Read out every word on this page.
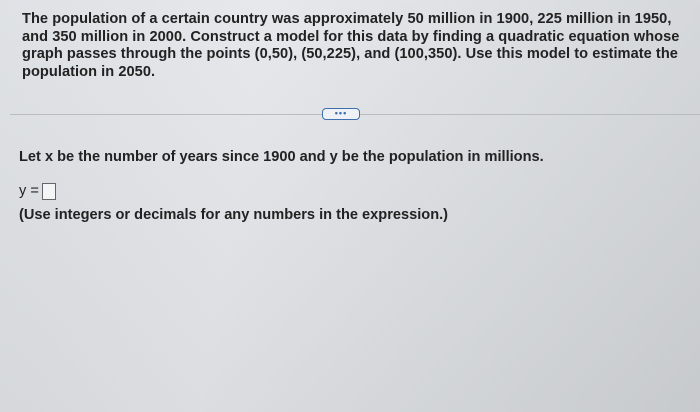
The population of a certain country was approximately 50 million in 1900, 225 million in 1950, and 350 million in 2000. Construct a model for this data by finding a quadratic equation whose graph passes through the points (0,50), (50,225), and (100,350). Use this model to estimate the population in 2050.
•••
Let x be the number of years since 1900 and y be the population in millions.
y =
(Use integers or decimals for any numbers in the expression.)
